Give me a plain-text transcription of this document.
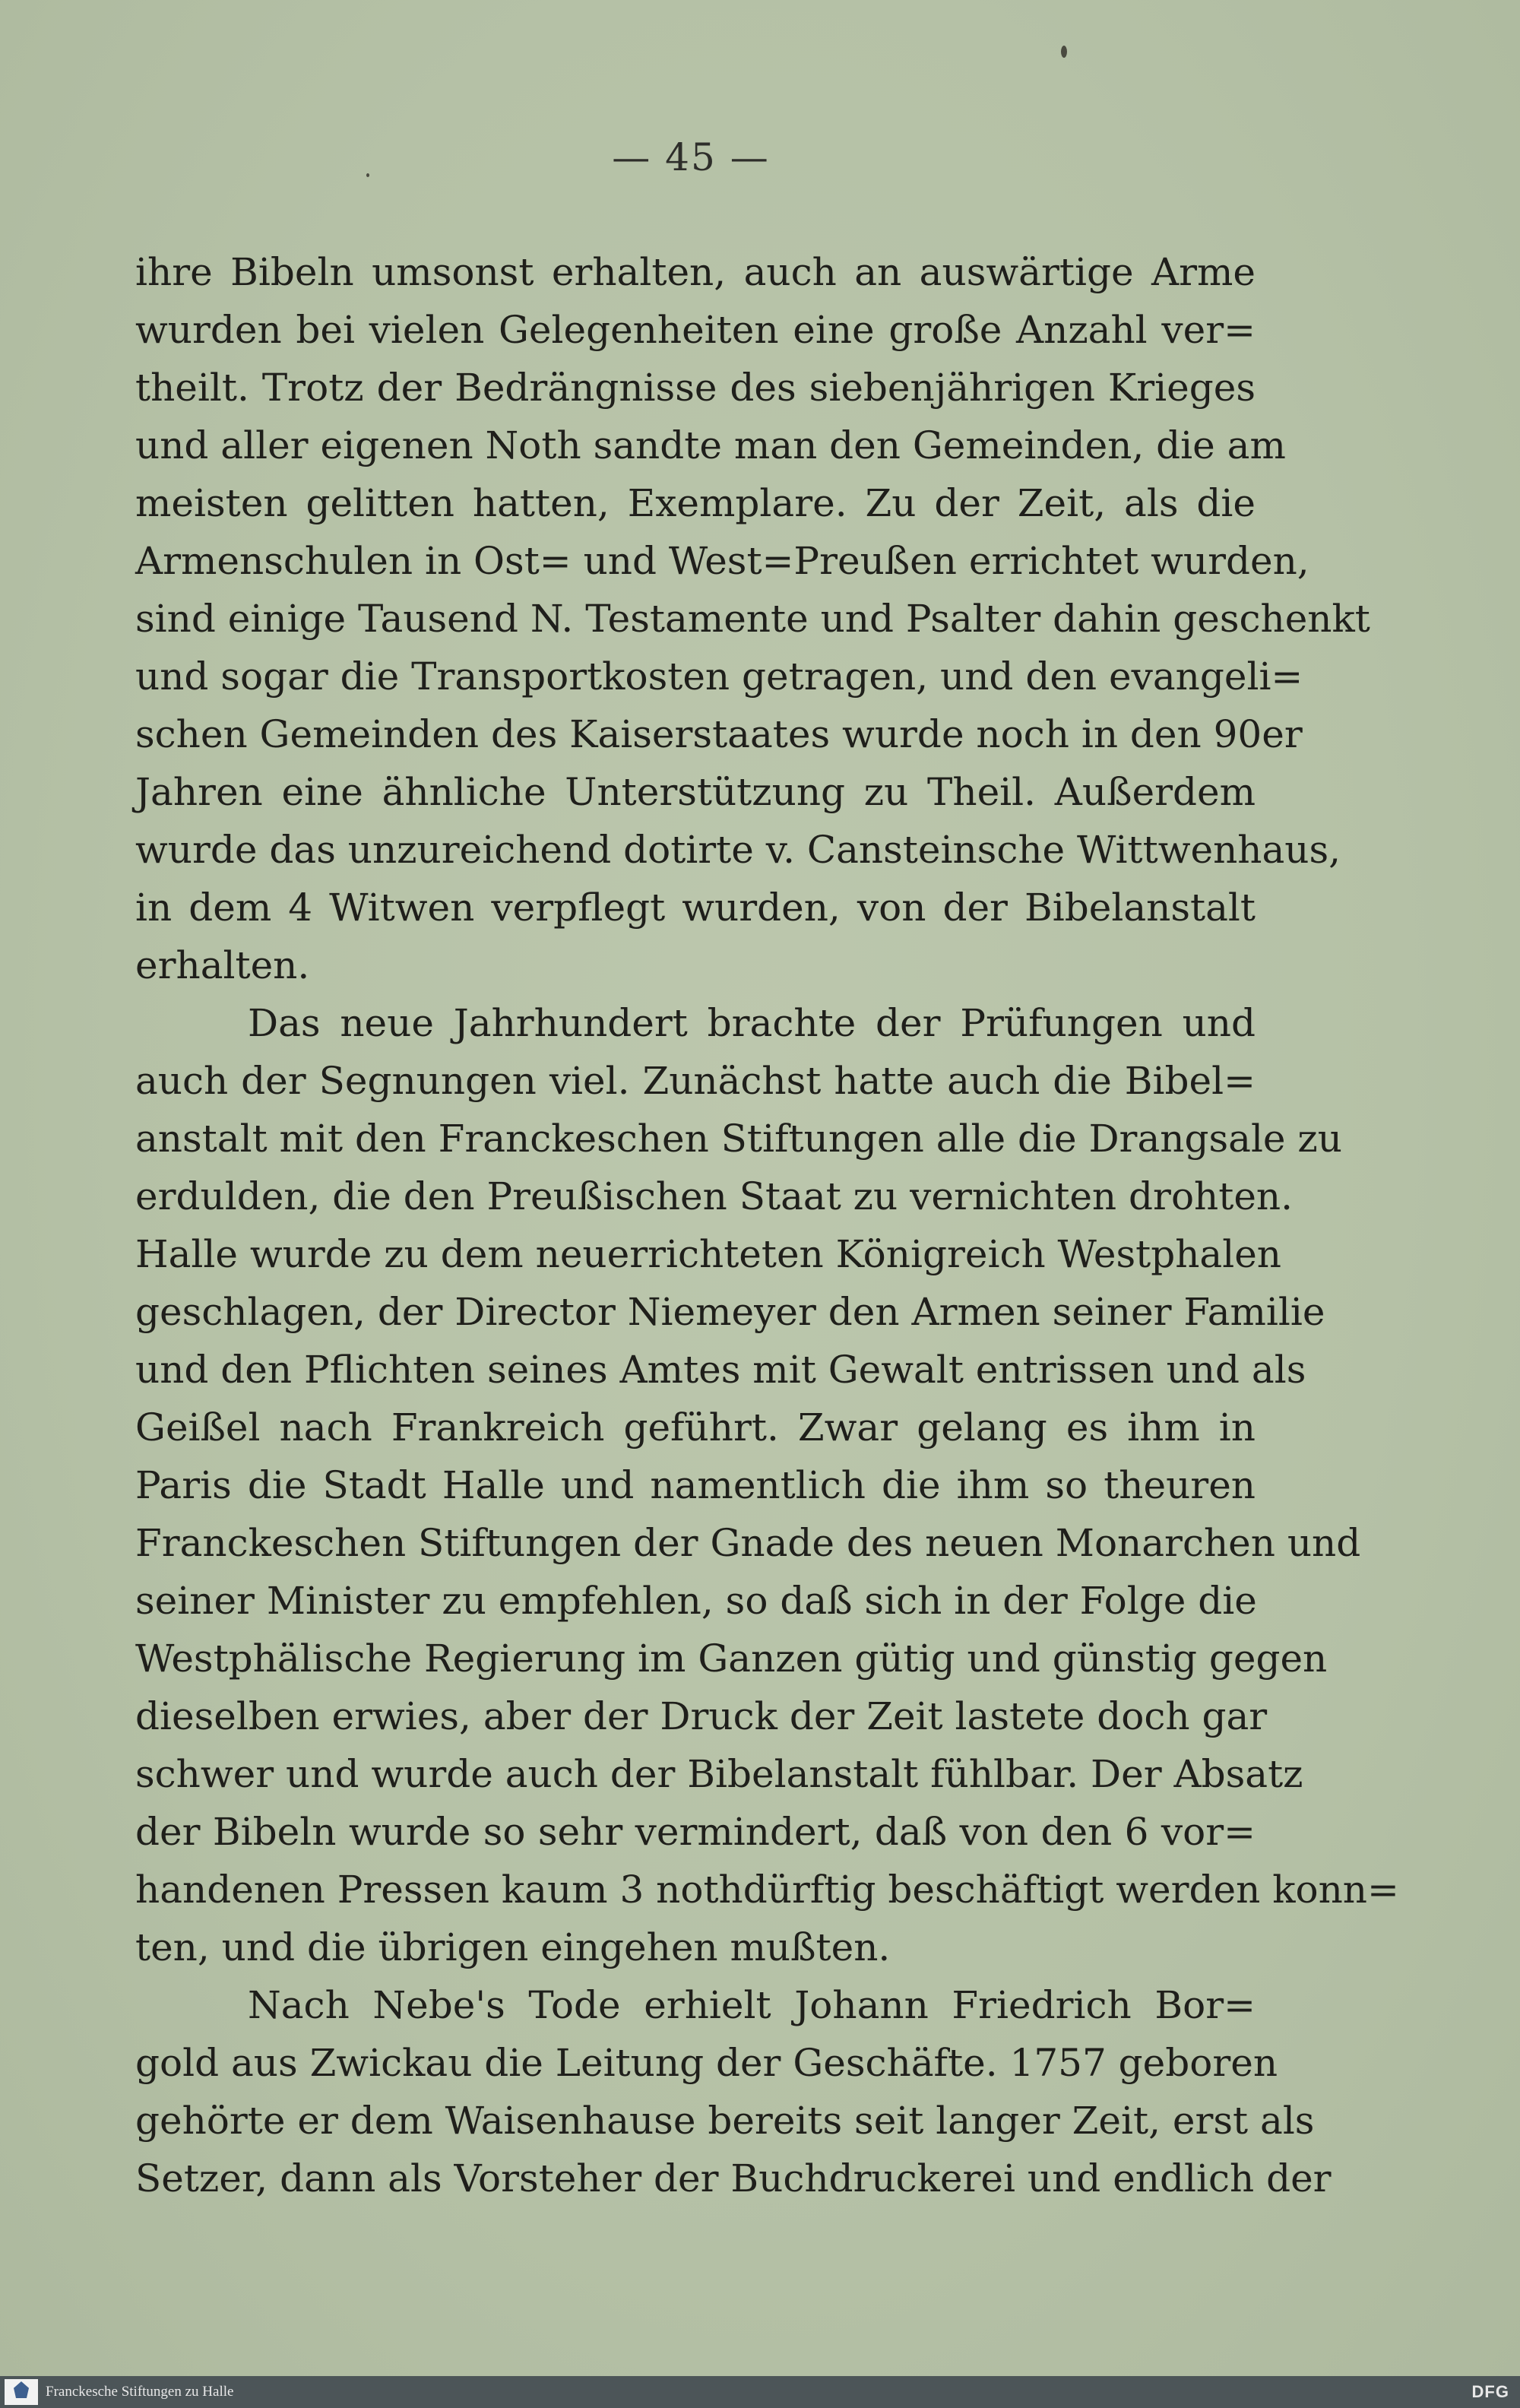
— 45 —
ihre Bibeln umsonst erhalten, auch an auswärtige Arme
wurden bei vielen Gelegenheiten eine große Anzahl ver=
theilt. Trotz der Bedrängnisse des siebenjährigen Krieges
und aller eigenen Noth sandte man den Gemeinden, die am
meisten gelitten hatten, Exemplare. Zu der Zeit, als die
Armenschulen in Ost= und West=Preußen errichtet wurden,
sind einige Tausend N. Testamente und Psalter dahin geschenkt
und sogar die Transportkosten getragen, und den evangeli=
schen Gemeinden des Kaiserstaates wurde noch in den 90er
Jahren eine ähnliche Unterstützung zu Theil. Außerdem
wurde das unzureichend dotirte v. Cansteinsche Wittwenhaus,
in dem 4 Witwen verpflegt wurden, von der Bibelanstalt
erhalten.
Das neue Jahrhundert brachte der Prüfungen und
auch der Segnungen viel. Zunächst hatte auch die Bibel=
anstalt mit den Franckeschen Stiftungen alle die Drangsale zu
erdulden, die den Preußischen Staat zu vernichten drohten.
Halle wurde zu dem neuerrichteten Königreich Westphalen
geschlagen, der Director Niemeyer den Armen seiner Familie
und den Pflichten seines Amtes mit Gewalt entrissen und als
Geißel nach Frankreich geführt. Zwar gelang es ihm in
Paris die Stadt Halle und namentlich die ihm so theuren
Franckeschen Stiftungen der Gnade des neuen Monarchen und
seiner Minister zu empfehlen, so daß sich in der Folge die
Westphälische Regierung im Ganzen gütig und günstig gegen
dieselben erwies, aber der Druck der Zeit lastete doch gar
schwer und wurde auch der Bibelanstalt fühlbar. Der Absatz
der Bibeln wurde so sehr vermindert, daß von den 6 vor=
handenen Pressen kaum 3 nothdürftig beschäftigt werden konn=
ten, und die übrigen eingehen mußten.
Nach Nebe's Tode erhielt Johann Friedrich Bor=
gold aus Zwickau die Leitung der Geschäfte. 1757 geboren
gehörte er dem Waisenhause bereits seit langer Zeit, erst als
Setzer, dann als Vorsteher der Buchdruckerei und endlich der
Franckesche Stiftungen zu Halle	DFG
